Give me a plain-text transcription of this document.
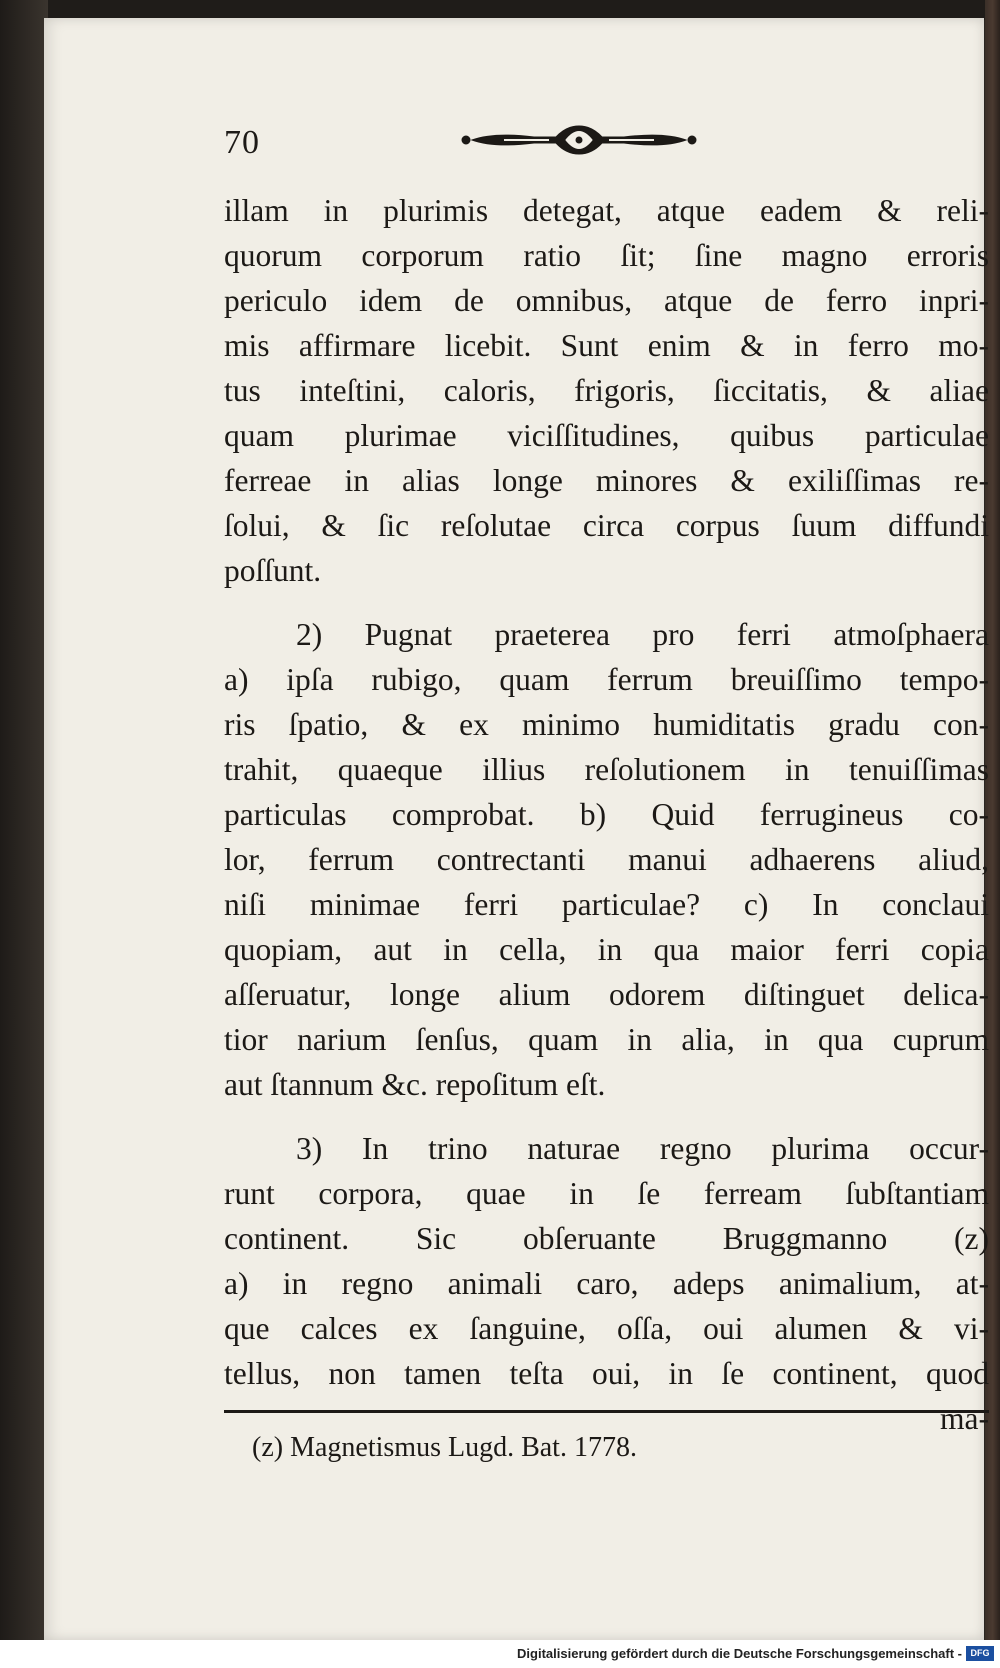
70
illam in plurimis detegat, atque eadem & reli-
quorum corporum ratio ſit; ſine magno erroris
periculo idem de omnibus, atque de ferro inpri-
mis affirmare licebit. Sunt enim & in ferro mo-
tus inteſtini, caloris, frigoris, ſiccitatis, & aliae
quam plurimae viciſſitudines, quibus particulae
ferreae in alias longe minores & exiliſſimas re-
ſolui, & ſic reſolutae circa corpus ſuum diffundi
poſſunt.
2) Pugnat praeterea pro ferri atmoſphaera
a) ipſa rubigo, quam ferrum breuiſſimo tempo-
ris ſpatio, & ex minimo humiditatis gradu con-
trahit, quaeque illius reſolutionem in tenuiſſimas
particulas comprobat. b) Quid ferrugineus co-
lor, ferrum contrectanti manui adhaerens aliud,
niſi minimae ferri particulae? c) In conclaui
quopiam, aut in cella, in qua maior ferri copia
aſſeruatur, longe alium odorem diſtinguet delica-
tior narium ſenſus, quam in alia, in qua cuprum
aut ſtannum &c. repoſitum eſt.
3) In trino naturae regno plurima occur-
runt corpora, quae in ſe ferream ſubſtantiam
continent. Sic obſeruante Bruggmanno (z)
a) in regno animali caro, adeps animalium, at-
que calces ex ſanguine, oſſa, oui alumen & vi-
tellus, non tamen teſta oui, in ſe continent, quod
ma-
(z) Magnetismus Lugd. Bat. 1778.
Digitalisierung gefördert durch die Deutsche Forschungsgemeinschaft - DFG
